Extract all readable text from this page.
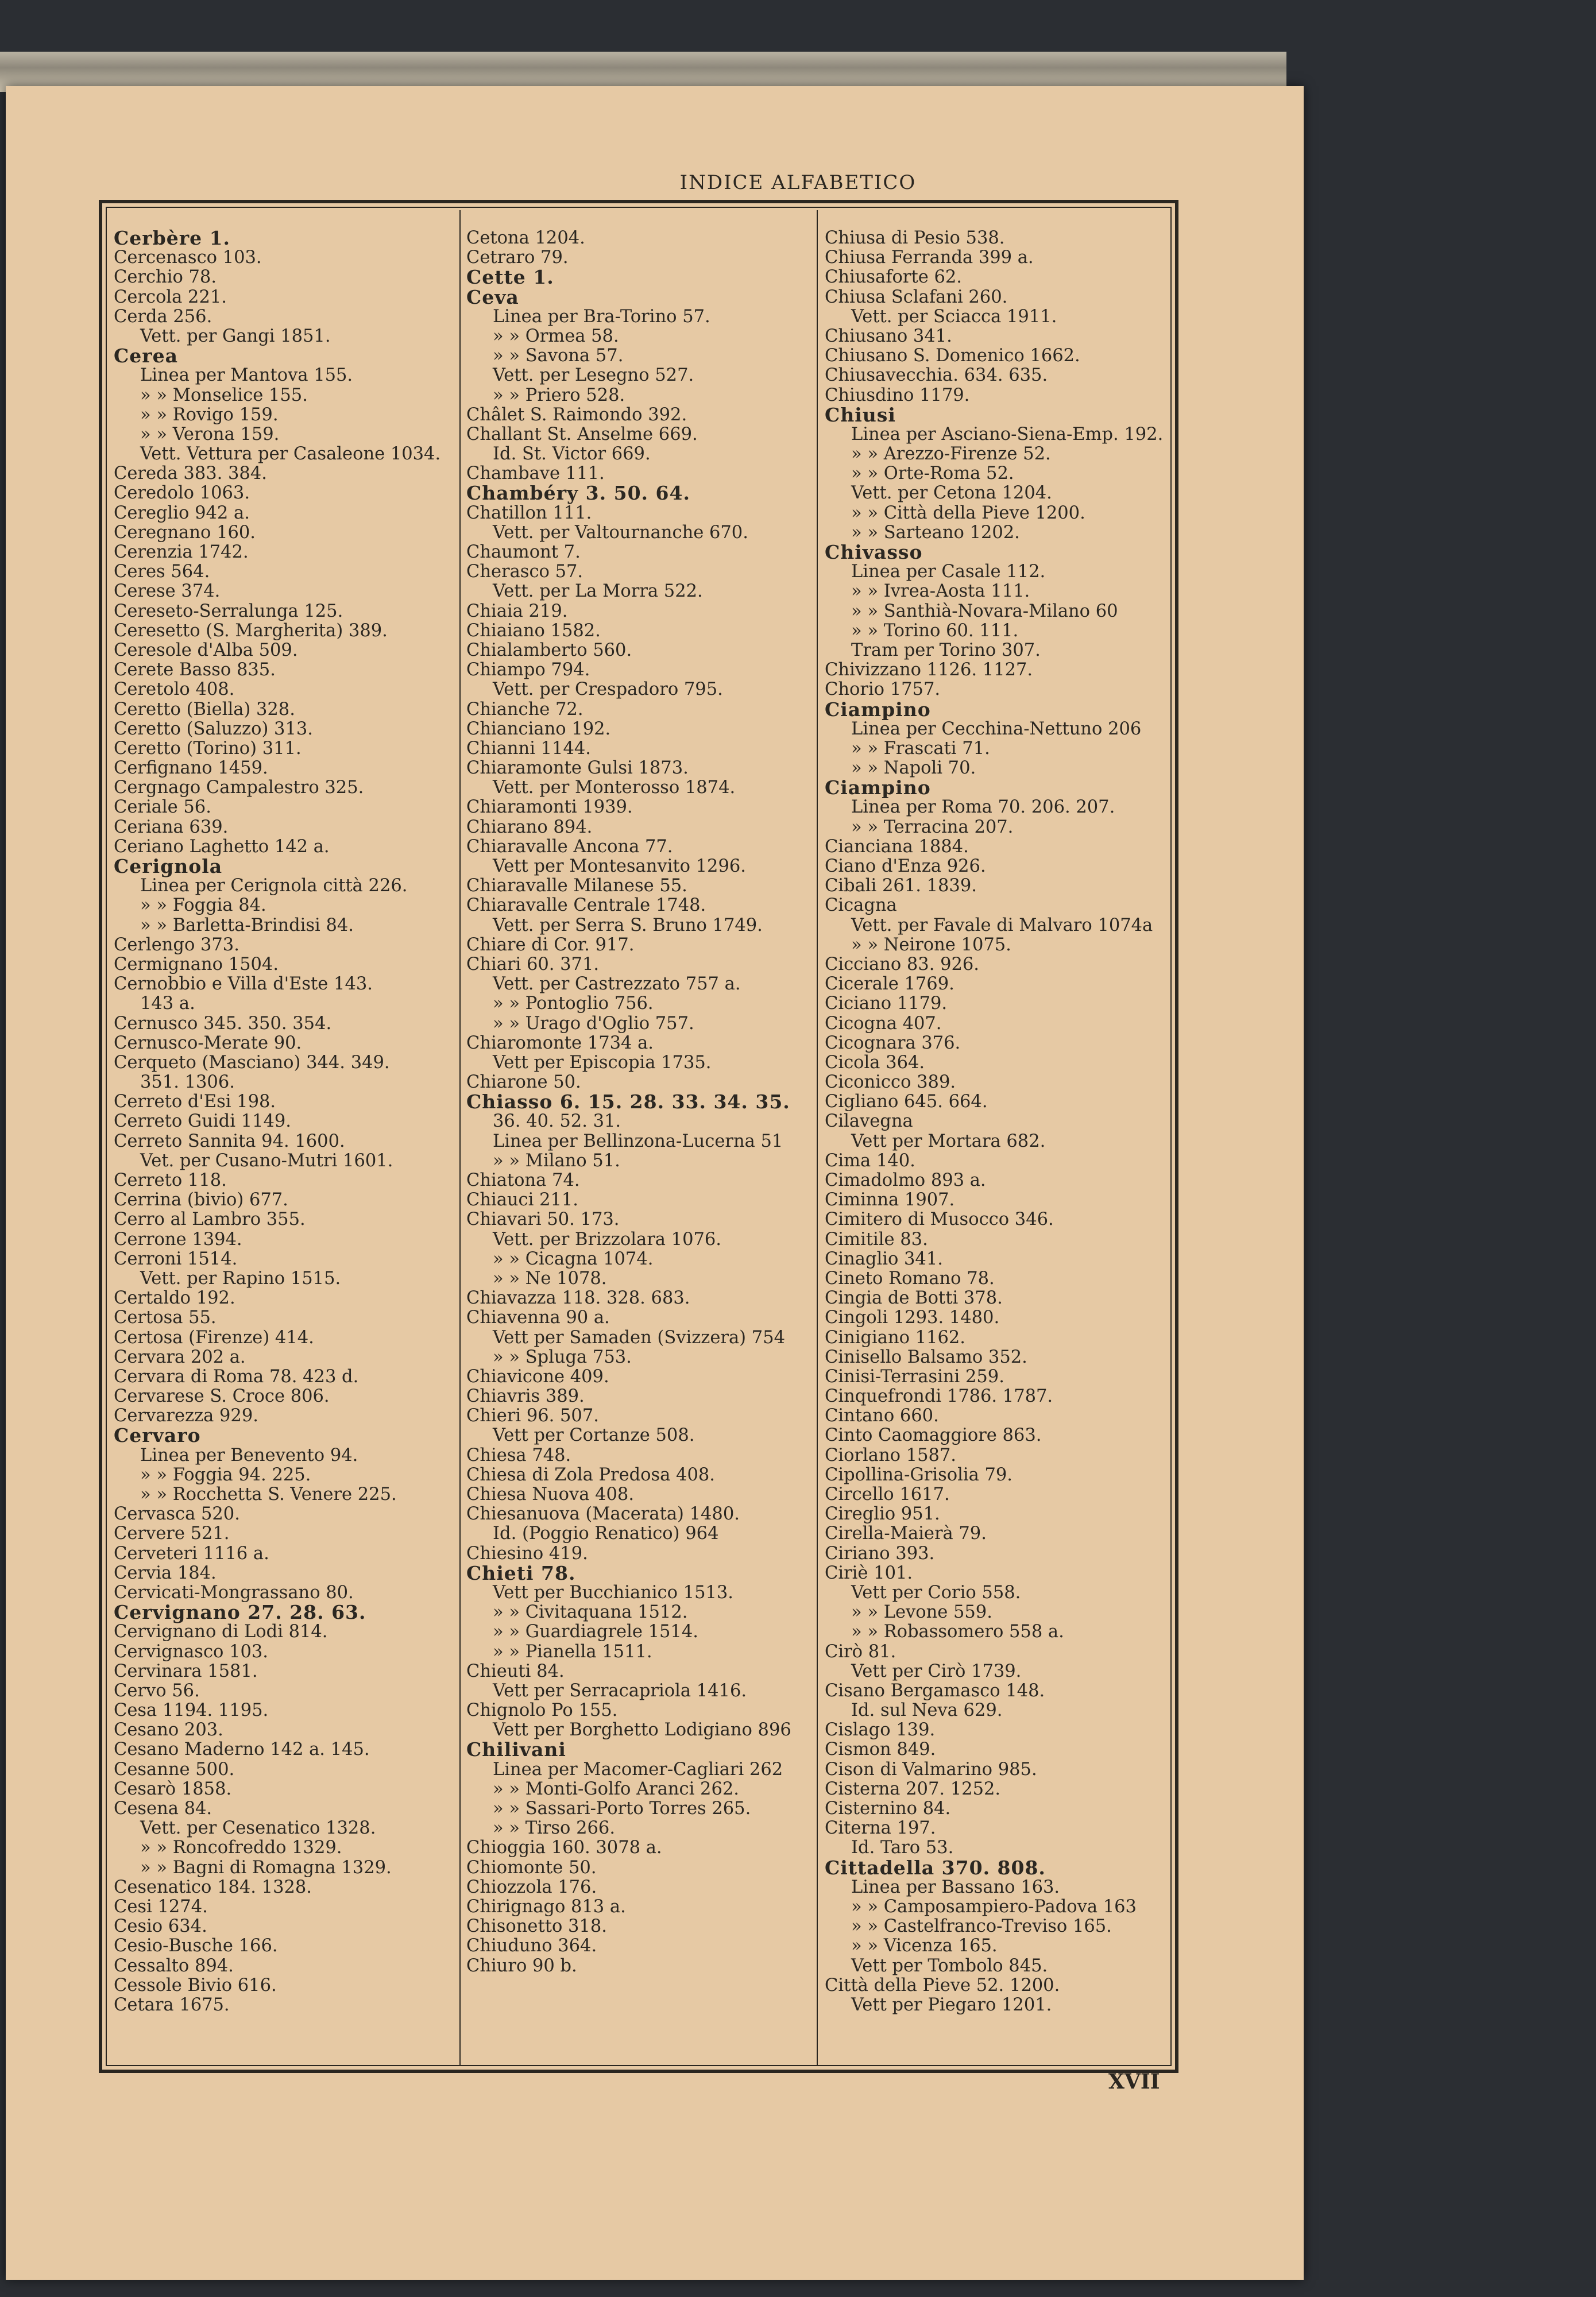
INDICE ALFABETICO
Cerbère 1.
Cercenasco 103.
Cerchio 78.
Cercola 221.
Cerda 256.
Vett. per Gangi 1851.
Cerea
Linea per Mantova 155.
» » Monselice 155.
» » Rovigo 159.
» » Verona 159.
Vett. Vettura per Casaleone 1034.
Cereda 383. 384.
Ceredolo 1063.
Cereglio 942 a.
Ceregnano 160.
Cerenzia 1742.
Ceres 564.
Cerese 374.
Cereseto-Serralunga 125.
Ceresetto (S. Margherita) 389.
Ceresole d'Alba 509.
Cerete Basso 835.
Ceretolo 408.
Ceretto (Biella) 328.
Ceretto (Saluzzo) 313.
Ceretto (Torino) 311.
Cerfignano 1459.
Cergnago Campalestro 325.
Ceriale 56.
Ceriana 639.
Ceriano Laghetto 142 a.
Cerignola
Linea per Cerignola città 226.
» » Foggia 84.
» » Barletta-Brindisi 84.
Cerlengo 373.
Cermignano 1504.
Cernobbio e Villa d'Este 143.
143 a.
Cernusco 345. 350. 354.
Cernusco-Merate 90.
Cerqueto (Masciano) 344. 349.
351. 1306.
Cerreto d'Esi 198.
Cerreto Guidi 1149.
Cerreto Sannita 94. 1600.
Vet. per Cusano-Mutri 1601.
Cerreto 118.
Cerrina (bivio) 677.
Cerro al Lambro 355.
Cerrone 1394.
Cerroni 1514.
Vett. per Rapino 1515.
Certaldo 192.
Certosa 55.
Certosa (Firenze) 414.
Cervara 202 a.
Cervara di Roma 78. 423 d.
Cervarese S. Croce 806.
Cervarezza 929.
Cervaro
Linea per Benevento 94.
» » Foggia 94. 225.
» » Rocchetta S. Venere 225.
Cervasca 520.
Cervere 521.
Cerveteri 1116 a.
Cervia 184.
Cervicati-Mongrassano 80.
Cervignano 27. 28. 63.
Cervignano di Lodi 814.
Cervignasco 103.
Cervinara 1581.
Cervo 56.
Cesa 1194. 1195.
Cesano 203.
Cesano Maderno 142 a. 145.
Cesanne 500.
Cesarò 1858.
Cesena 84.
Vett. per Cesenatico 1328.
» » Roncofreddo 1329.
» » Bagni di Romagna 1329.
Cesenatico 184. 1328.
Cesi 1274.
Cesio 634.
Cesio-Busche 166.
Cessalto 894.
Cessole Bivio 616.
Cetara 1675.
Cetona 1204.
Cetraro 79.
Cette 1.
Ceva
Linea per Bra-Torino 57.
» » Ormea 58.
» » Savona 57.
Vett. per Lesegno 527.
» » Priero 528.
Châlet S. Raimondo 392.
Challant St. Anselme 669.
Id. St. Victor 669.
Chambave 111.
Chambéry 3. 50. 64.
Chatillon 111.
Vett. per Valtournanche 670.
Chaumont 7.
Cherasco 57.
Vett. per La Morra 522.
Chiaia 219.
Chiaiano 1582.
Chialamberto 560.
Chiampo 794.
Vett. per Crespadoro 795.
Chianche 72.
Chianciano 192.
Chianni 1144.
Chiaramonte Gulsi 1873.
Vett. per Monterosso 1874.
Chiaramonti 1939.
Chiarano 894.
Chiaravalle Ancona 77.
Vett per Montesanvito 1296.
Chiaravalle Milanese 55.
Chiaravalle Centrale 1748.
Vett. per Serra S. Bruno 1749.
Chiare di Cor. 917.
Chiari 60. 371.
Vett. per Castrezzato 757 a.
» » Pontoglio 756.
» » Urago d'Oglio 757.
Chiaromonte 1734 a.
Vett per Episcopia 1735.
Chiarone 50.
Chiasso 6. 15. 28. 33. 34. 35.
36. 40. 52. 31.
Linea per Bellinzona-Lucerna 51
» » Milano 51.
Chiatona 74.
Chiauci 211.
Chiavari 50. 173.
Vett. per Brizzolara 1076.
» » Cicagna 1074.
» » Ne 1078.
Chiavazza 118. 328. 683.
Chiavenna 90 a.
Vett per Samaden (Svizzera) 754
» » Spluga 753.
Chiavicone 409.
Chiavris 389.
Chieri 96. 507.
Vett per Cortanze 508.
Chiesa 748.
Chiesa di Zola Predosa 408.
Chiesa Nuova 408.
Chiesanuova (Macerata) 1480.
Id. (Poggio Renatico) 964
Chiesino 419.
Chieti 78.
Vett per Bucchianico 1513.
» » Civitaquana 1512.
» » Guardiagrele 1514.
» » Pianella 1511.
Chieuti 84.
Vett per Serracapriola 1416.
Chignolo Po 155.
Vett per Borghetto Lodigiano 896
Chilivani
Linea per Macomer-Cagliari 262
» » Monti-Golfo Aranci 262.
» » Sassari-Porto Torres 265.
» » Tirso 266.
Chioggia 160. 3078 a.
Chiomonte 50.
Chiozzola 176.
Chirignago 813 a.
Chisonetto 318.
Chiuduno 364.
Chiuro 90 b.
Chiusa di Pesio 538.
Chiusa Ferranda 399 a.
Chiusaforte 62.
Chiusa Sclafani 260.
Vett. per Sciacca 1911.
Chiusano 341.
Chiusano S. Domenico 1662.
Chiusavecchia. 634. 635.
Chiusdino 1179.
Chiusi
Linea per Asciano-Siena-Emp. 192.
» » Arezzo-Firenze 52.
» » Orte-Roma 52.
Vett. per Cetona 1204.
» » Città della Pieve 1200.
» » Sarteano 1202.
Chivasso
Linea per Casale 112.
» » Ivrea-Aosta 111.
» » Santhià-Novara-Milano 60
» » Torino 60. 111.
Tram per Torino 307.
Chivizzano 1126. 1127.
Chorio 1757.
Ciampino
Linea per Cecchina-Nettuno 206
» » Frascati 71.
» » Napoli 70.
Ciampino
Linea per Roma 70. 206. 207.
» » Terracina 207.
Cianciana 1884.
Ciano d'Enza 926.
Cibali 261. 1839.
Cicagna
Vett. per Favale di Malvaro 1074a
» » Neirone 1075.
Cicciano 83. 926.
Cicerale 1769.
Ciciano 1179.
Cicogna 407.
Cicognara 376.
Cicola 364.
Ciconicco 389.
Cigliano 645. 664.
Cilavegna
Vett per Mortara 682.
Cima 140.
Cimadolmo 893 a.
Ciminna 1907.
Cimitero di Musocco 346.
Cimitile 83.
Cinaglio 341.
Cineto Romano 78.
Cingia de Botti 378.
Cingoli 1293. 1480.
Cinigiano 1162.
Cinisello Balsamo 352.
Cinisi-Terrasini 259.
Cinquefrondi 1786. 1787.
Cintano 660.
Cinto Caomaggiore 863.
Ciorlano 1587.
Cipollina-Grisolia 79.
Circello 1617.
Cireglio 951.
Cirella-Maierà 79.
Ciriano 393.
Ciriè 101.
Vett per Corio 558.
» » Levone 559.
» » Robassomero 558 a.
Cirò 81.
Vett per Cirò 1739.
Cisano Bergamasco 148.
Id. sul Neva 629.
Cislago 139.
Cismon 849.
Cison di Valmarino 985.
Cisterna 207. 1252.
Cisternino 84.
Citerna 197.
Id. Taro 53.
Cittadella 370. 808.
Linea per Bassano 163.
» » Camposampiero-Padova 163
» » Castelfranco-Treviso 165.
» » Vicenza 165.
Vett per Tombolo 845.
Città della Pieve 52. 1200.
Vett per Piegaro 1201.
XVII
